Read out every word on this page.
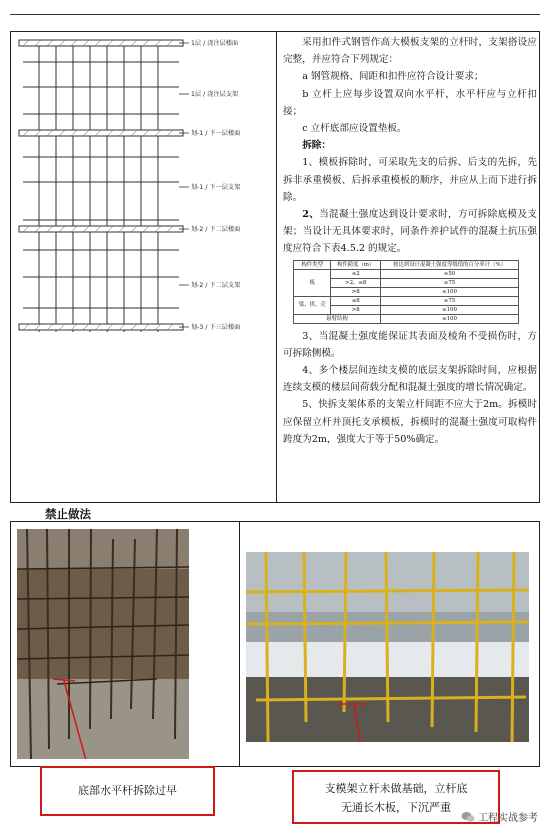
1层 / 浇注层楼面
1层 / 浇注层支架
划-1 / 下一层楼面
划-1 / 下一层支架
划-2 / 下二层楼面
划-2 / 下二层支架
划-3 / 下三层楼面

采用扣件式钢管作高大模板支架的立杆时，支架搭设应完整，并应符合下列规定：

a 钢管规格、间距和扣件应符合设计要求；

b 立杆上应每步设置双向水平杆，水平杆应与立杆扣接；

c 立杆底部应设置垫板。

拆除：

1、模板拆除时，可采取先支的后拆、后支的先拆，先拆非承重模板、后拆承重模板的顺序，并应从上而下进行拆除。

2、当混凝土强度达到设计要求时，方可拆除底模及支架；当设计无具体要求时，同条件养护试件的混凝土抗压强度应符合下表4.5.2 的规定。

构件类型	构件跨度（m）	按达到设计混凝土强度等级值的百分率计（%）
板	≤2	≥50
	>2，≤8	≥75
	>8	≥100
梁、拱、壳	≤8	≥75
	>8	≥100
悬臂结构		≥100

3、当混凝土强度能保证其表面及棱角不受损伤时，方可拆除侧模。

4、多个楼层间连续支模的底层支架拆除时间，应根据连续支模的楼层间荷载分配和混凝土强度的增长情况确定。

5、快拆支架体系的支架立杆间距不应大于2m。拆模时应保留立杆并顶托支承模板，拆模时的混凝土强度可取构件跨度为2m，强度大于等于50%确定。

禁止做法
底部水平杆拆除过早	支模架立杆未做基础，立杆底
无通长木板，下沉严重
工程实战参考
